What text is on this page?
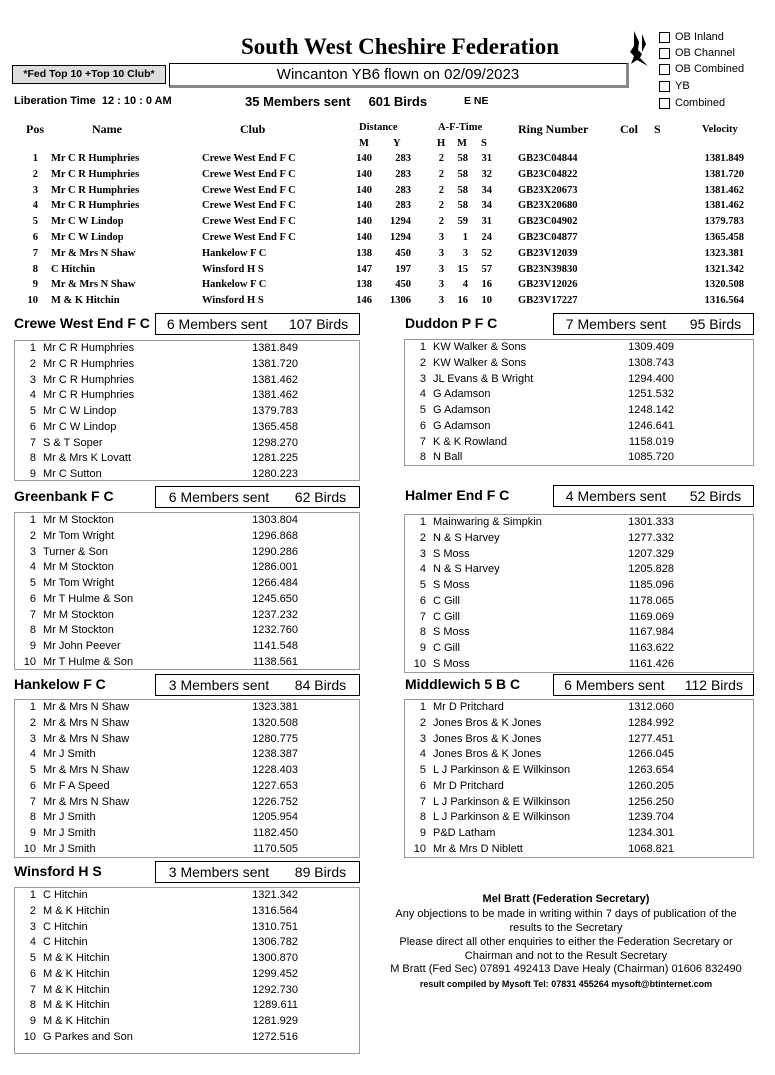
South West Cheshire Federation
*Fed Top 10 +Top 10 Club*	Wincanton YB6 flown on 02/09/2023
OB Inland
OB Channel
OB Combined
YB
Combined
Liberation Time 12 : 10 : 0 AM	35 Members sent 601 Birds	E NE
Pos	Name	Club	Distance
M Y
A-F-Time
H M S
Ring Number	Col S	Velocity
1 Mr C R Humphries	Crewe West End F C	140	283	2	58	31 GB23C04844	1381.849
2 Mr C R Humphries	Crewe West End F C	140	283	2	58	32 GB23C04822	1381.720
3 Mr C R Humphries	Crewe West End F C	140	283	2	58	34 GB23X20673	1381.462
4 Mr C R Humphries	Crewe West End F C	140	283	2	58	34 GB23X20680	1381.462
5 Mr C W Lindop	Crewe West End F C	140	1294	2	59	31 GB23C04902	1379.783
6 Mr C W Lindop	Crewe West End F C	140	1294	3	1	24 GB23C04877	1365.458
7 Mr & Mrs N Shaw	Hankelow F C	138	450	3	3	52 GB23V12039	1323.381
8 C Hitchin	Winsford H S	147	197	3	15	57 GB23N39830	1321.342
9 Mr & Mrs N Shaw	Hankelow F C	138	450	3	4	16 GB23V12026	1320.508
10 M & K Hitchin	Winsford H S	146	1306	3	16	10 GB23V17227	1316.564
Crewe West End F C 6 Members sent 107 Birds
1 Mr C R Humphries	1381.849
2 Mr C R Humphries	1381.720
3 Mr C R Humphries	1381.462
4 Mr C R Humphries	1381.462
5 Mr C W Lindop	1379.783
6 Mr C W Lindop	1365.458
7 S & T Soper	1298.270
8 Mr & Mrs K Lovatt	1281.225
9 Mr C Sutton	1280.223
Duddon P F C	7 Members sent 95 Birds
1 KW Walker & Sons	1309.409
2 KW Walker & Sons	1308.743
3 JL Evans & B Wright	1294.400
4 G Adamson	1251.532
5 G Adamson	1248.142
6 G Adamson	1246.641
7 K & K Rowland	1158.019
8 N Ball	1085.720
Greenbank F C	6 Members sent 62 Birds
1 Mr M Stockton	1303.804
2 Mr Tom Wright	1296.868
3 Turner & Son	1290.286
4 Mr M Stockton	1286.001
5 Mr Tom Wright	1266.484
6 Mr T Hulme & Son	1245.650
7 Mr M Stockton	1237.232
8 Mr M Stockton	1232.760
9 Mr John Peever	1141.548
10 Mr T Hulme & Son	1138.561
Halmer End F C	4 Members sent 52 Birds
1 Mainwaring & Simpkin	1301.333
2 N & S Harvey	1277.332
3 S Moss	1207.329
4 N & S Harvey	1205.828
5 S Moss	1185.096
6 C Gill	1178.065
7 C Gill	1169.069
8 S Moss	1167.984
9 C Gill	1163.622
10 S Moss	1161.426
Hankelow F C	3 Members sent 84 Birds
1 Mr & Mrs N Shaw	1323.381
2 Mr & Mrs N Shaw	1320.508
3 Mr & Mrs N Shaw	1280.775
4 Mr J Smith	1238.387
5 Mr & Mrs N Shaw	1228.403
6 Mr F A Speed	1227.653
7 Mr & Mrs N Shaw	1226.752
8 Mr J Smith	1205.954
9 Mr J Smith	1182.450
10 Mr J Smith	1170.505
Middlewich 5 B C	6 Members sent 112 Birds
1 Mr D Pritchard	1312.060
2 Jones Bros & K Jones	1284.992
3 Jones Bros & K Jones	1277.451
4 Jones Bros & K Jones	1266.045
5 L J Parkinson & E Wilkinson	1263.654
6 Mr D Pritchard	1260.205
7 L J Parkinson & E Wilkinson	1256.250
8 L J Parkinson & E Wilkinson	1239.704
9 P&D Latham	1234.301
10 Mr & Mrs D Niblett	1068.821
Winsford H S	3 Members sent 89 Birds
1 C Hitchin	1321.342
2 M & K Hitchin	1316.564
3 C Hitchin	1310.751
4 C Hitchin	1306.782
5 M & K Hitchin	1300.870
6 M & K Hitchin	1299.452
7 M & K Hitchin	1292.730
8 M & K Hitchin	1289.611
9 M & K Hitchin	1281.929
10 G Parkes and Son	1272.516
Mel Bratt (Federation Secretary)
Any objections to be made in writing within 7 days of publication of the results to the Secretary
Please direct all other enquiries to either the Federation Secretary or Chairman and not to the Result Secretary
M Bratt (Fed Sec) 07891 492413 Dave Healy (Chairman) 01606 832490
result compiled by Mysoft Tel: 07831 455264 mysoft@btinternet.com
